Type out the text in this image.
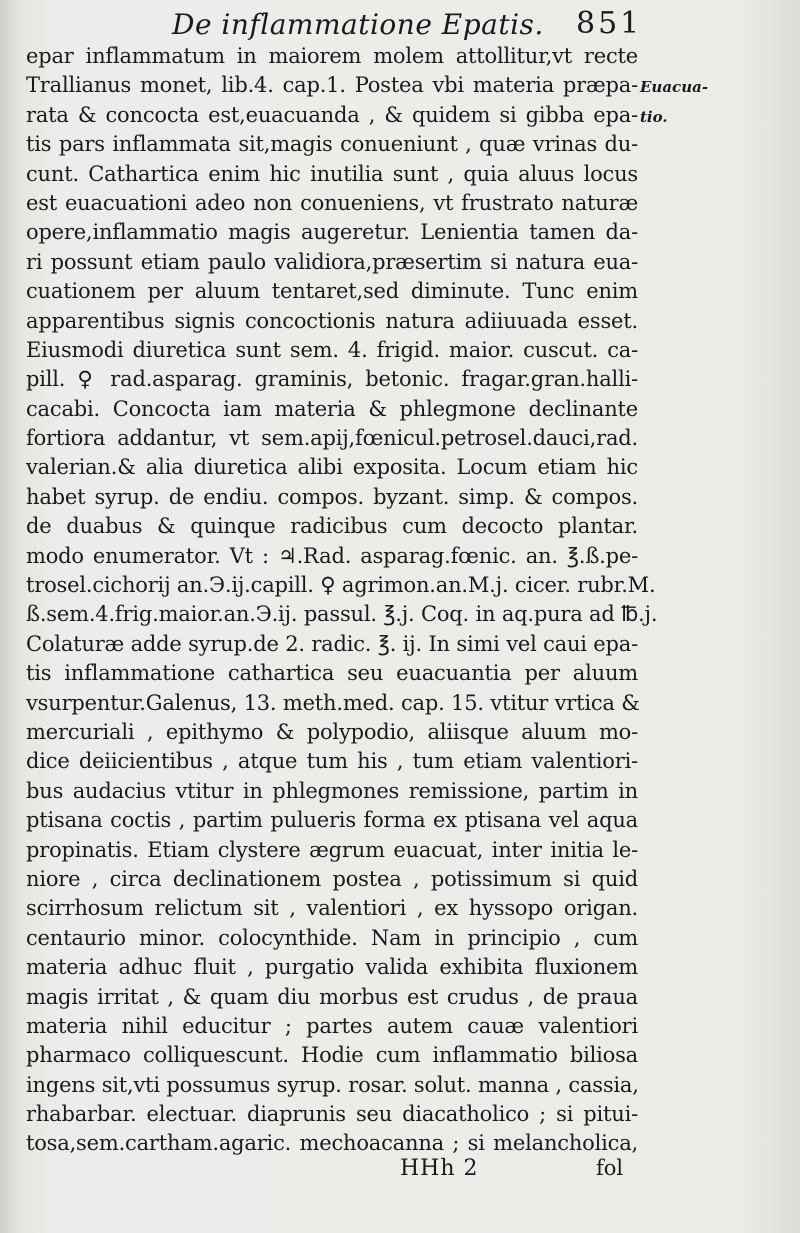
De inflammatione Epatis. 851
Euacua-
tio.
epar inflammatum in maiorem molem attollitur,vt recte
Trallianus monet, lib.4. cap.1. Postea vbi materia præpa-
rata & concocta est,euacuanda , & quidem si gibba epa-
tis pars inflammata sit,magis conueniunt , quæ vrinas du-
cunt. Cathartica enim hic inutilia sunt , quia aluus locus
est euacuationi adeo non conueniens, vt frustrato naturæ
opere,inflammatio magis augeretur. Lenientia tamen da-
ri possunt etiam paulo validiora,præsertim si natura eua-
cuationem per aluum tentaret,sed diminute. Tunc enim
apparentibus signis concoctionis natura adiiuuada esset.
Eiusmodi diuretica sunt sem. 4. frigid. maior. cuscut. ca-
pill. ♀ rad.asparag. graminis, betonic. fragar.gran.halli-
cacabi. Concocta iam materia & phlegmone declinante
fortiora addantur, vt sem.apij,fœnicul.petrosel.dauci,rad.
valerian.& alia diuretica alibi exposita. Locum etiam hic
habet syrup. de endiu. compos. byzant. simp. & compos.
de duabus & quinque radicibus cum decocto plantar.
modo enumerator. Vt : ♃.Rad. asparag.fœnic. an. ℥.ß.pe-
trosel.cichorij an.Э.ij.capill. ♀ agrimon.an.M.j. cicer. rubr.M.
ß.sem.4.frig.maior.an.Э.ij. passul. ℥.j. Coq. in aq.pura ad ℔.j.
Colaturæ adde syrup.de 2. radic. ℥. ij. In simi vel caui epa-
tis inflammatione cathartica seu euacuantia per aluum
vsurpentur.Galenus, 13. meth.med. cap. 15. vtitur vrtica &
mercuriali , epithymo & polypodio, aliisque aluum mo-
dice deiicientibus , atque tum his , tum etiam valentiori-
bus audacius vtitur in phlegmones remissione, partim in
ptisana coctis , partim pulueris forma ex ptisana vel aqua
propinatis. Etiam clystere ægrum euacuat, inter initia le-
niore , circa declinationem postea , potissimum si quid
scirrhosum relictum sit , valentiori , ex hyssopo origan.
centaurio minor. colocynthide. Nam in principio , cum
materia adhuc fluit , purgatio valida exhibita fluxionem
magis irritat , & quam diu morbus est crudus , de praua
materia nihil educitur ; partes autem cauæ valentiori
pharmaco colliquescunt. Hodie cum inflammatio biliosa
ingens sit,vti possumus syrup. rosar. solut. manna , cassia,
rhabarbar. electuar. diaprunis seu diacatholico ; si pitui-
tosa,sem.cartham.agaric. mechoacanna ; si melancholica,
HHh 2	fol
